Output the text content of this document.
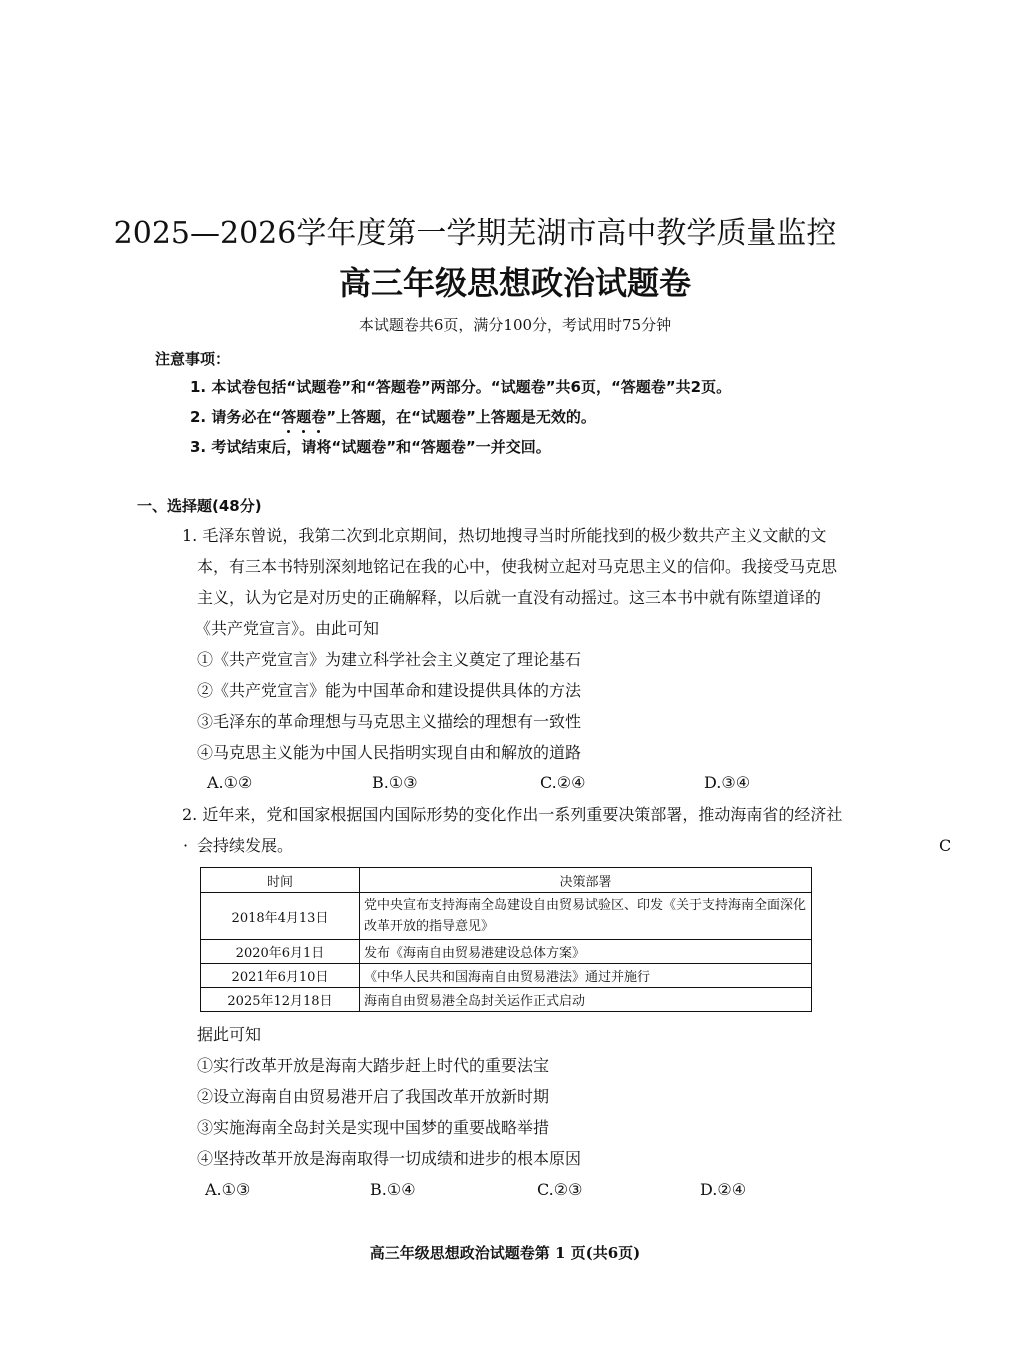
2025—2026学年度第一学期芜湖市高中教学质量监控
高三年级思想政治试题卷
本试题卷共6页，满分100分，考试用时75分钟
注意事项：
1. 本试卷包括“试题卷”和“答题卷”两部分。“试题卷”共6页，“答题卷”共2页。
2. 请务必在“答题卷”上答题，在“试题卷”上答题是无效的。
3. 考试结束后，请将“试题卷”和“答题卷”一并交回。
一、选择题(48分)
1. 毛泽东曾说，我第二次到北京期间，热切地搜寻当时所能找到的极少数共产主义文献的文
本，有三本书特别深刻地铭记在我的心中，使我树立起对马克思主义的信仰。我接受马克思
主义，认为它是对历史的正确解释，以后就一直没有动摇过。这三本书中就有陈望道译的
《共产党宣言》。由此可知
①《共产党宣言》为建立科学社会主义奠定了理论基石
②《共产党宣言》能为中国革命和建设提供具体的方法
③毛泽东的革命理想与马克思主义描绘的理想有一致性
④马克思主义能为中国人民指明实现自由和解放的道路
A.①②	B.①③	C.②④	D.③④
2. 近年来，党和国家根据国内国际形势的变化作出一系列重要决策部署，推动海南省的经济社
会持续发展。
·	C
时间	决策部署
2018年4月13日	党中央宣布支持海南全岛建设自由贸易试验区、印发《关于支持海南全面深化改革开放的指导意见》
2020年6月1日	发布《海南自由贸易港建设总体方案》
2021年6月10日	《中华人民共和国海南自由贸易港法》通过并施行
2025年12月18日	海南自由贸易港全岛封关运作正式启动
据此可知
①实行改革开放是海南大踏步赶上时代的重要法宝
②设立海南自由贸易港开启了我国改革开放新时期
③实施海南全岛封关是实现中国梦的重要战略举措
④坚持改革开放是海南取得一切成绩和进步的根本原因
A.①③	B.①④	C.②③	D.②④
高三年级思想政治试题卷第 1 页(共6页)
